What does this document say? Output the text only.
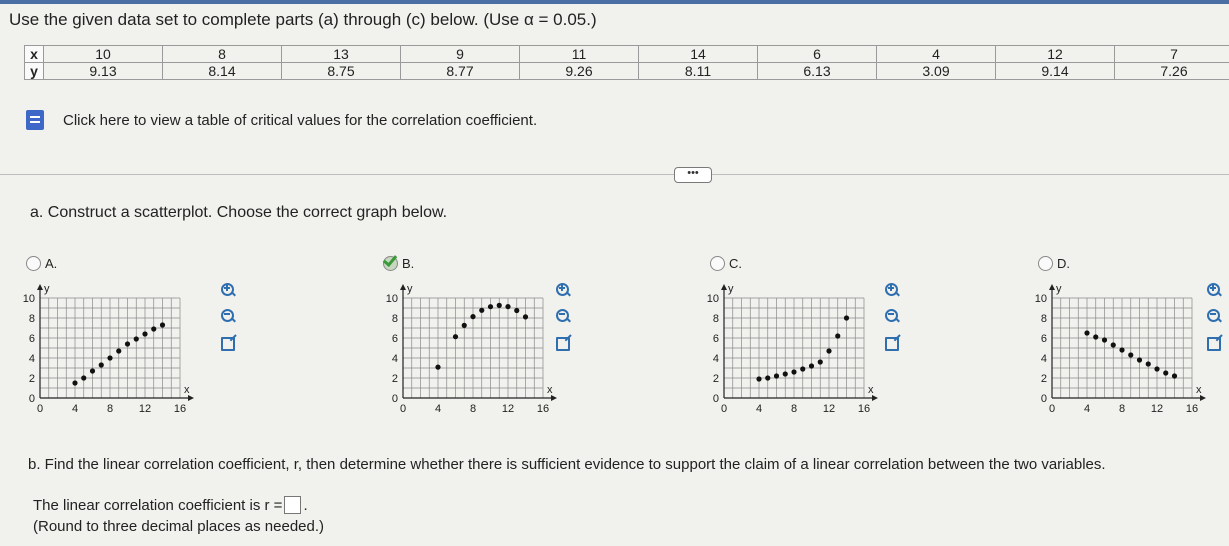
Use the given data set to complete parts (a) through (c) below. (Use α = 0.05.)
x	10	8	13	9	11	14	6	4	12	7
y	9.13	8.14	8.75	8.77	9.26	8.11	6.13	3.09	9.14	7.26
Click here to view a table of critical values for the correlation coefficient.
•••
a. Construct a scatterplot. Choose the correct graph below.
A.
0	4	8 12 16
0
2
4
6
8
10
y
x
B.
0	4	8 12 16
0
2
4
6
8
10
y
x
C.
0	4	8 12 16
0
2
4
6
8
10
y
x
D.
0	4	8 12 16
0
2
4
6
8
10
y
x
b. Find the linear correlation coefficient, r, then determine whether there is sufficient evidence to support the claim of a linear correlation between the two variables.
The linear correlation coefficient is r = .
(Round to three decimal places as needed.)
